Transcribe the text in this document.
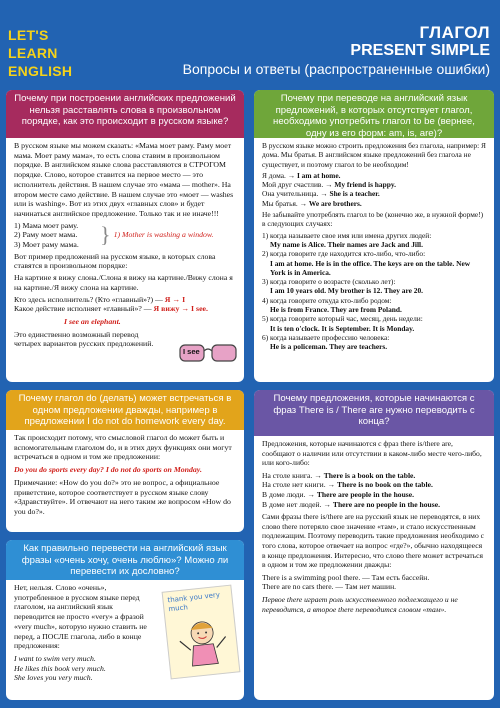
LET'S
LEARN
ENGLISH
ГЛАГОЛ
PRESENT SIMPLE
Вопросы и ответы (распространенные ошибки)
Почему при построении английских предложений нельзя расставлять слова в произвольном порядке, как это происходит в русском языке?

В русском языке мы можем сказать: «Мама моет раму. Раму моет мама. Моет раму мама», то есть слова ставим в произвольном порядке. В английском языке слова расставляются в СТРОГОМ порядке. Слово, которое ставится на первое место — это исполнитель действия. В нашем случае это «мама — mother». На втором месте само действие. В нашем случае это «моет — washes или is washing». Вот из этих двух «главных слов» и будет начинаться английское предложение. Только так и не иначе!!!

1) Мама моет раму.
2) Раму моет мама.
3) Моет раму мама. } 1) Mother is washing a window.

Вот пример предложений на русском языке, в которых слова ставятся в произвольном порядке:

На картине я вижу слона./Слона я вижу на картине./Вижу слона я на картине./Я вижу слона на картине.

Кто здесь исполнитель? (Кто «главный»?) — Я → I
Какое действие исполняет «главный»? — Я вижу → I see.
I see an elephant.

Это единственно возможный перевод четырех вариантов русских предложений.

I see
Почему при переводе на английский язык предложений, в которых отсутствует глагол, необходимо употребить глагол to be (вернее, одну из его форм: am, is, are)?

В русском языке можно строить предложения без глагола, например: Я дома. Мы братья. В английском языке предложений без глагола не существует, и поэтому глагол to be необходим!

Я дома. → I am at home.
Мой друг счастлив. → My friend is happy.
Она учительница. → She is a teacher.
Мы братья. → We are brothers.

Не забывайте употреблять глагол to be (конечно же, в нужной форме!) в следующих случаях:

1) когда называете свое имя или имена других людей:
My name is Alice. Their names are Jack and Jill.
2) когда говорите где находится кто-либо, что-либо:
I am at home. He is in the office. The keys are on the table. New York is in America.
3) когда говорите о возрасте (сколько лет):
I am 10 years old. My brother is 12. They are 20.
4) когда говорите откуда кто-либо родом:
He is from France. They are from Poland.
5) когда говорите который час, месяц, день недели:
It is ten o'clock. It is September. It is Monday.
6) когда называете профессию человека:
He is a policeman. They are teachers.
Почему глагол do (делать) может встречаться в одном предложении дважды, например в предложении I do not do homework every day.

Так происходит потому, что смысловой глагол do может быть и вспомогательным глаголом do, и в этих двух функциях они могут встречаться в одном и том же предложении:

Do you do sports every day? I do not do sports on Monday.

Примечание: «How do you do?» это не вопрос, а официальное приветствие, которое соответствует в русском языке слову «Здравствуйте». И отвечают на него таким же вопросом «How do you do?».

Как правильно перевести на английский язык фразы «очень хочу, очень люблю»? Можно ли перевести их дословно?

Нет, нельзя. Слово «очень», употребленное в русском языке перед глаголом, на английский язык переводится не просто «very» а фразой «very much», которую нужно ставить не перед, а ПОСЛЕ глагола, либо в конце предложения:

I want to swim very much.
He likes this book very much.
She loves you very much.
thank you very much
Почему предложения, которые начинаются с фраз There is / There are нужно переводить с конца?

Предложения, которые начинаются с фраз there is/there are, сообщают о наличии или отсутствии в каком-либо месте чего-либо, или кого-либо:

На столе книга. → There is a book on the table.
На столе нет книги. → There is no book on the table.
В доме люди. → There are people in the house.
В доме нет людей. → There are no people in the house.

Сами фразы there is/there are на русский язык не переводятся, в них слово there потеряло свое значение «там», и стало искусственным подлежащим. Поэтому переводить такие предложения необходимо с того слова, которое отвечает на вопрос «где?», обычно находящееся в конце предложения. Интересно, что слово there может встречаться в одном и том же предложении дважды:

There is a swimming pool there. — Там есть бассейн.
There are no cars there. — Там нет машин.

Первое there играет роль искусственного подлежащего и не переводится, а второе there переводится словом «там».
